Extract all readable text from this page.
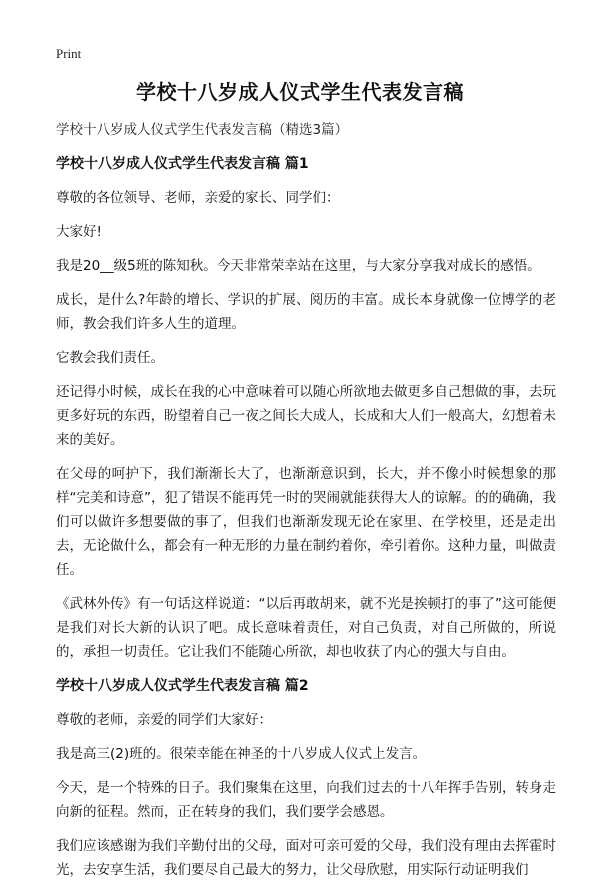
Print
学校十八岁成人仪式学生代表发言稿

学校十八岁成人仪式学生代表发言稿（精选3篇）

学校十八岁成人仪式学生代表发言稿 篇1

尊敬的各位领导、老师，亲爱的家长、同学们：

大家好!

我是20__级5班的陈知秋。今天非常荣幸站在这里，与大家分享我对成长的感悟。

成长，是什么?年龄的增长、学识的扩展、阅历的丰富。成长本身就像一位博学的老师，教会我们许多人生的道理。

它教会我们责任。

还记得小时候，成长在我的心中意味着可以随心所欲地去做更多自己想做的事，去玩更多好玩的东西，盼望着自己一夜之间长大成人，长成和大人们一般高大，幻想着未来的美好。

在父母的呵护下，我们渐渐长大了，也渐渐意识到，长大，并不像小时候想象的那样“完美和诗意”，犯了错误不能再凭一时的哭闹就能获得大人的谅解。的的确确，我们可以做许多想要做的事了，但我们也渐渐发现无论在家里、在学校里，还是走出去，无论做什么，都会有一种无形的力量在制约着你，牵引着你。这种力量，叫做责任。

《武林外传》有一句话这样说道：“以后再敢胡来，就不光是挨顿打的事了”这可能便是我们对长大新的认识了吧。成长意味着责任，对自己负责，对自己所做的，所说的，承担一切责任。它让我们不能随心所欲，却也收获了内心的强大与自由。

学校十八岁成人仪式学生代表发言稿 篇2

尊敬的老师，亲爱的同学们大家好：

我是高三(2)班的。很荣幸能在神圣的十八岁成人仪式上发言。

今天，是一个特殊的日子。我们聚集在这里，向我们过去的十八年挥手告别，转身走向新的征程。然而，正在转身的我们，我们要学会感恩。

我们应该感谢为我们辛勤付出的父母，面对可亲可爱的父母，我们没有理由去挥霍时光，去安享生活，我们要尽自己最大的努力，让父母欣慰，用实际行动证明我们
